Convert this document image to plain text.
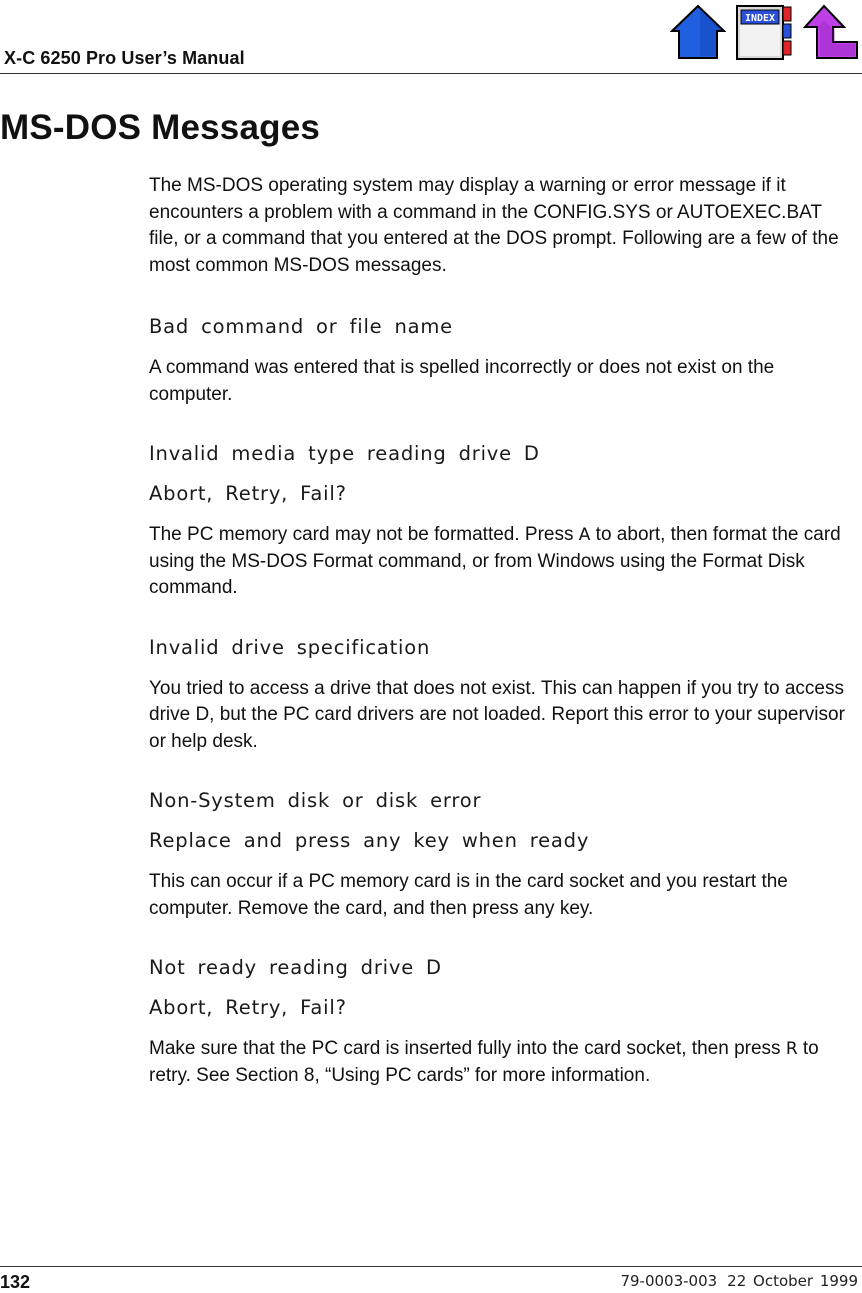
X-C 6250 Pro User’s Manual
INDEX
MS-DOS Messages

The MS-DOS operating system may display a warning or error message if it encounters a problem with a command in the CONFIG.SYS or AUTOEXEC.BAT file, or a command that you entered at the DOS prompt. Following are a few of the most common MS-DOS messages.

Bad command or file name
A command was entered that is spelled incorrectly or does not exist on the computer.
Invalid media type reading drive D
Abort, Retry, Fail?
The PC memory card may not be formatted. Press A to abort, then format the card using the MS-DOS Format command, or from Windows using the Format Disk command.
Invalid drive specification
You tried to access a drive that does not exist. This can happen if you try to access drive D, but the PC card drivers are not loaded. Report this error to your supervisor or help desk.
Non-System disk or disk error
Replace and press any key when ready
This can occur if a PC memory card is in the card socket and you restart the computer. Remove the card, and then press any key.
Not ready reading drive D
Abort, Retry, Fail?
Make sure that the PC card is inserted fully into the card socket, then press R to retry. See Section 8, “Using PC cards” for more information.
132	79-0003-003 22 October 1999
